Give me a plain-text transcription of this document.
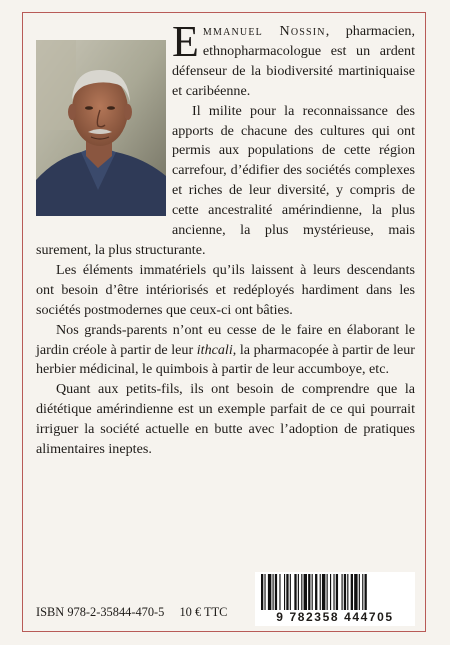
Emmanuel Nossin, pharmacien, ethnopharmacologue est un ardent défenseur de la biodiversité martiniquaise et caribéenne.

Il milite pour la reconnaissance des apports de chacune des cultures qui ont permis aux populations de cette région carrefour, d’édifier des sociétés complexes et riches de leur diversité, y compris de cette ancestralité amérindienne, la plus ancienne, la plus mystérieuse, mais surement, la plus structurante.

Les éléments immatériels qu’ils laissent à leurs descendants ont besoin d’être intériorisés et redéployés hardiment dans les sociétés postmodernes que ceux-ci ont bâties.

Nos grands-parents n’ont eu cesse de le faire en élaborant le jardin créole à partir de leur ithcali, la pharmacopée à partir de leur herbier médicinal, le quimbois à partir de leur accumboye, etc.

Quant aux petits-fils, ils ont besoin de comprendre que la diététique amérindienne est un exemple parfait de ce qui pourrait irriguer la société actuelle en butte avec l’adoption de pratiques alimentaires ineptes.

ISBN 978-2-35844-470-5 10 € TTC	9 782358 444705
